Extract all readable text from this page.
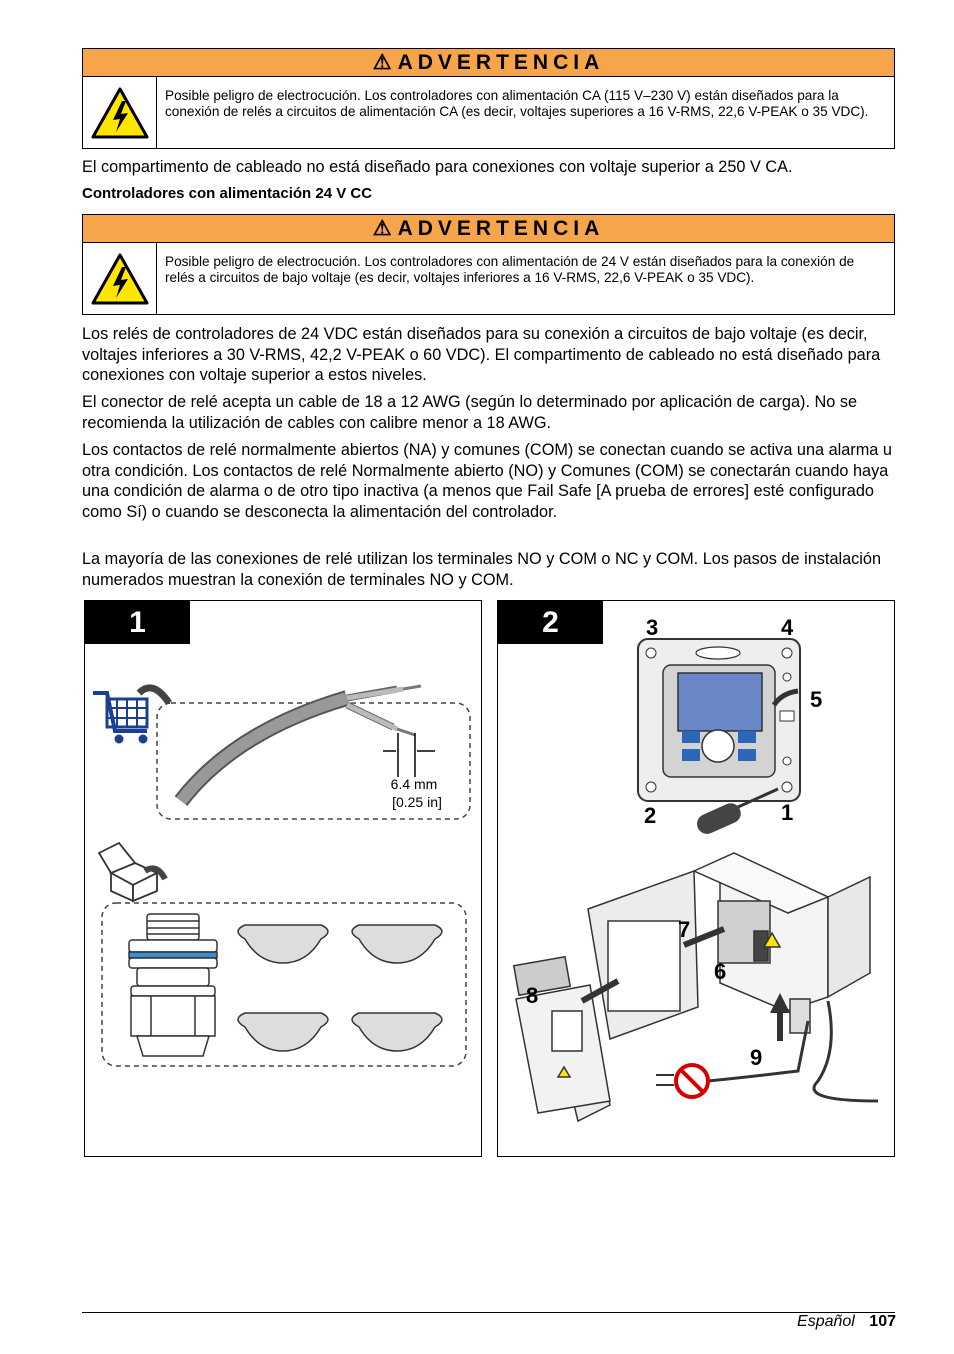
⚠ ADVERTENCIA
Posible peligro de electrocución. Los controladores con alimentación CA (115 V–230 V) están diseñados para la conexión de relés a circuitos de alimentación CA (es decir, voltajes superiores a 16 V-RMS, 22,6 V-PEAK o 35 VDC).

El compartimento de cableado no está diseñado para conexiones con voltaje superior a 250 V CA.

Controladores con alimentación 24 V CC

⚠ ADVERTENCIA
Posible peligro de electrocución. Los controladores con alimentación de 24 V están diseñados para la conexión de relés a circuitos de bajo voltaje (es decir, voltajes inferiores a 16 V-RMS, 22,6 V-PEAK o 35 VDC).

Los relés de controladores de 24 VDC están diseñados para su conexión a circuitos de bajo voltaje (es decir, voltajes inferiores a 30 V-RMS, 42,2 V-PEAK o 60 VDC). El compartimento de cableado no está diseñado para conexiones con voltaje superior a estos niveles.

El conector de relé acepta un cable de 18 a 12 AWG (según lo determinado por aplicación de carga). No se recomienda la utilización de cables con calibre menor a 18 AWG.

Los contactos de relé normalmente abiertos (NA) y comunes (COM) se conectan cuando se activa una alarma u otra condición. Los contactos de relé Normalmente abierto (NO) y Comunes (COM) se conectarán cuando haya una condición de alarma o de otro tipo inactiva (a menos que Fail Safe [A prueba de errores] esté configurado como Sí) o cuando se desconecta la alimentación del controlador.

La mayoría de las conexiones de relé utilizan los terminales NO y COM o NC y COM. Los pasos de instalación numerados muestran la conexión de terminales NO y COM.

1
6.4 mm
[0.25 in]
2	3	4
5
2	1
7
6
8
9
Español 107
